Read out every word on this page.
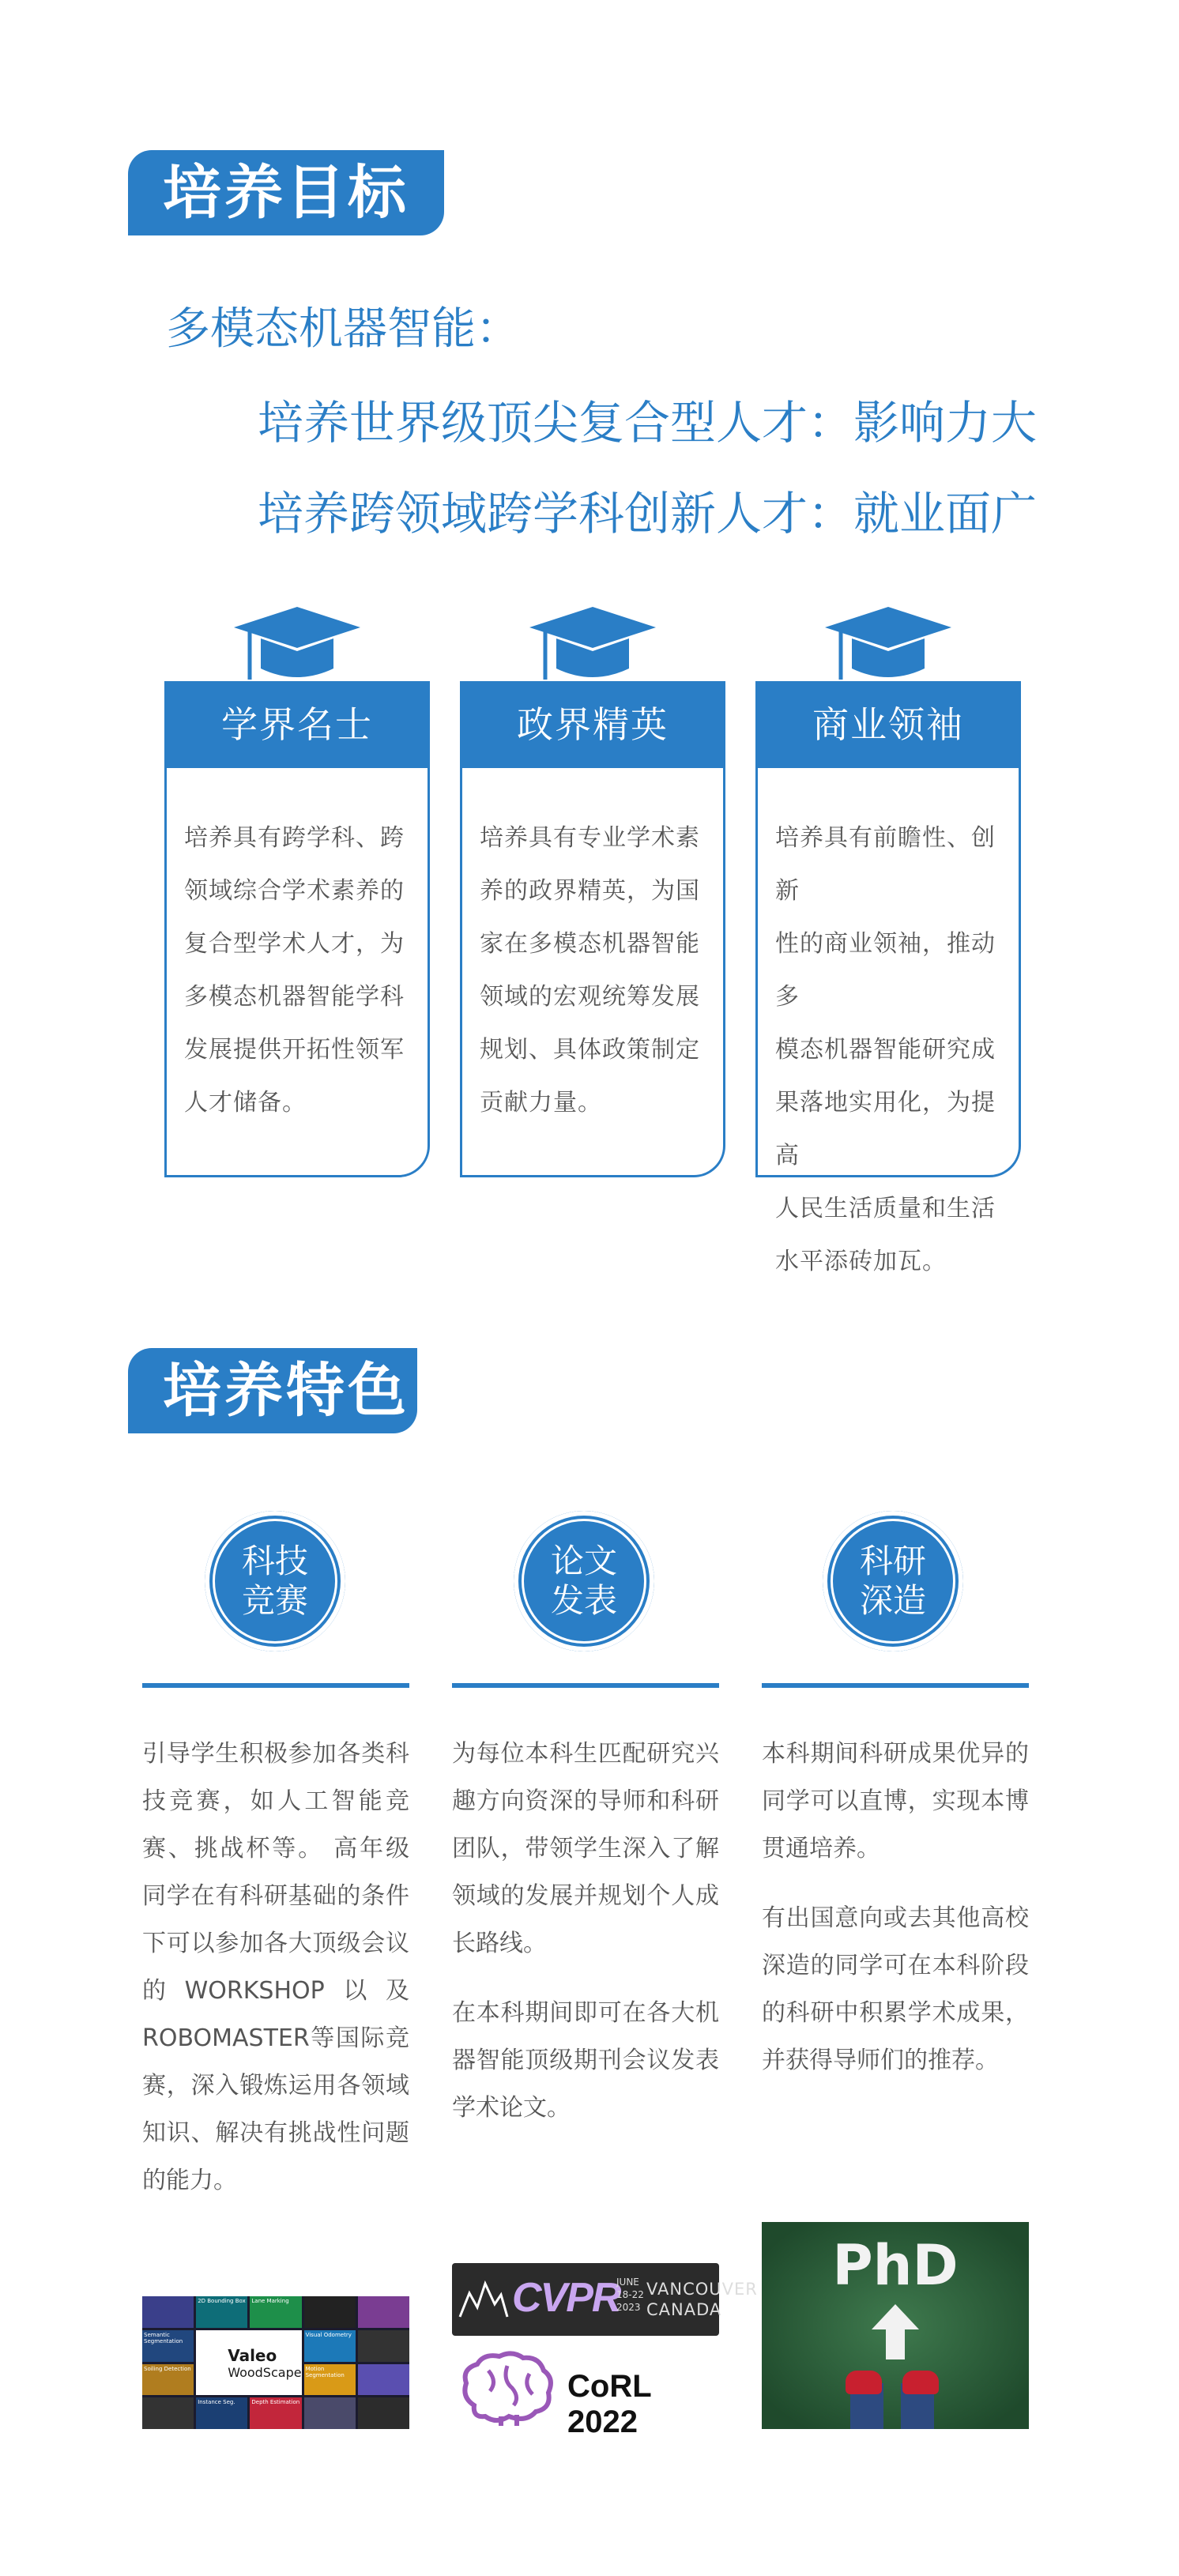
培养目标
多模态机器智能：
培养世界级顶尖复合型人才：影响力大
培养跨领域跨学科创新人才：就业面广
学界名士
培养具有跨学科、跨
领域综合学术素养的
复合型学术人才，为
多模态机器智能学科
发展提供开拓性领军
人才储备。
政界精英
培养具有专业学术素
养的政界精英，为国
家在多模态机器智能
领域的宏观统筹发展
规划、具体政策制定
贡献力量。
商业领袖
培养具有前瞻性、创新
性的商业领袖，推动多
模态机器智能研究成
果落地实用化，为提高
人民生活质量和生活
水平添砖加瓦。
培养特色
科技
竞赛
论文
发表
科研
深造

引导学生积极参加各类科技竞赛，如人工智能竞赛、挑战杯等。 高年级同学在有科研基础的条件下可以参加各大顶级会议的WORKSHOP以及ROBOMASTER等国际竞赛，深入锻炼运用各领域知识、解决有挑战性问题的能力。

为每位本科生匹配研究兴趣方向资深的导师和科研团队，带领学生深入了解领域的发展并规划个人成长路线。

在本科期间即可在各大机器智能顶级期刊会议发表学术论文。

本科期间科研成果优异的同学可以直博，实现本博贯通培养。

有出国意向或去其他高校深造的同学可在本科阶段的科研中积累学术成果，并获得导师们的推荐。

2D Bounding Box	Lane Marking
Semantic Segmentation
Valeo
WoodScape
Visual Odometry
Soiling Detection	Motion Segmentation
Instance Seg.	Depth Estimation
CVPR
JUNE
18-22
2023
VANCOUVER
CANADA
CoRL 2022
PhD
